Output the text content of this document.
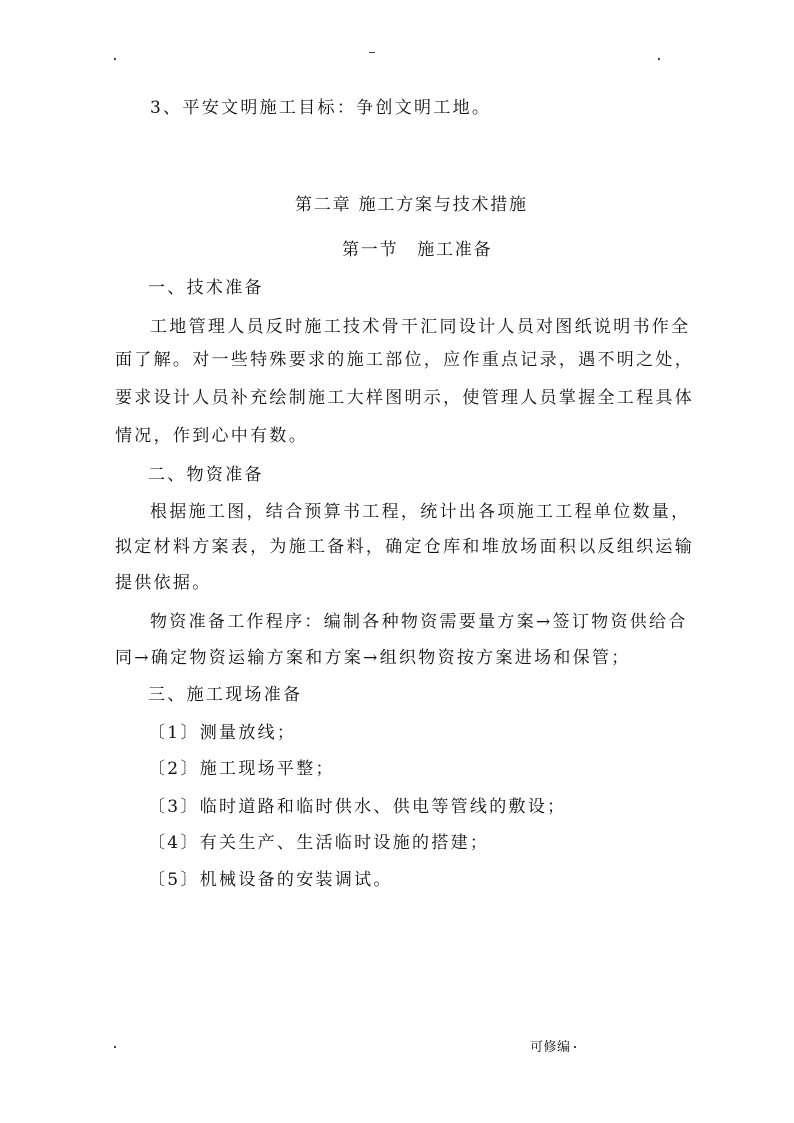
3、平安文明施工目标：争创文明工地。
第二章 施工方案与技术措施
第一节　施工准备
一、技术准备
工地管理人员反时施工技术骨干汇同设计人员对图纸说明书作全
面了解。对一些特殊要求的施工部位，应作重点记录，遇不明之处，
要求设计人员补充绘制施工大样图明示，使管理人员掌握全工程具体
情况，作到心中有数。
二、物资准备
根据施工图，结合预算书工程，统计出各项施工工程单位数量，
拟定材料方案表，为施工备料，确定仓库和堆放场面积以反组织运输
提供依据。
物资准备工作程序：编制各种物资需要量方案→签订物资供给合
同→确定物资运输方案和方案→组织物资按方案进场和保管；
三、施工现场准备
〔1〕测量放线；
〔2〕施工现场平整；
〔3〕临时道路和临时供水、供电等管线的敷设；
〔4〕有关生产、生活临时设施的搭建；
〔5〕机械设备的安装调试。
可修编
